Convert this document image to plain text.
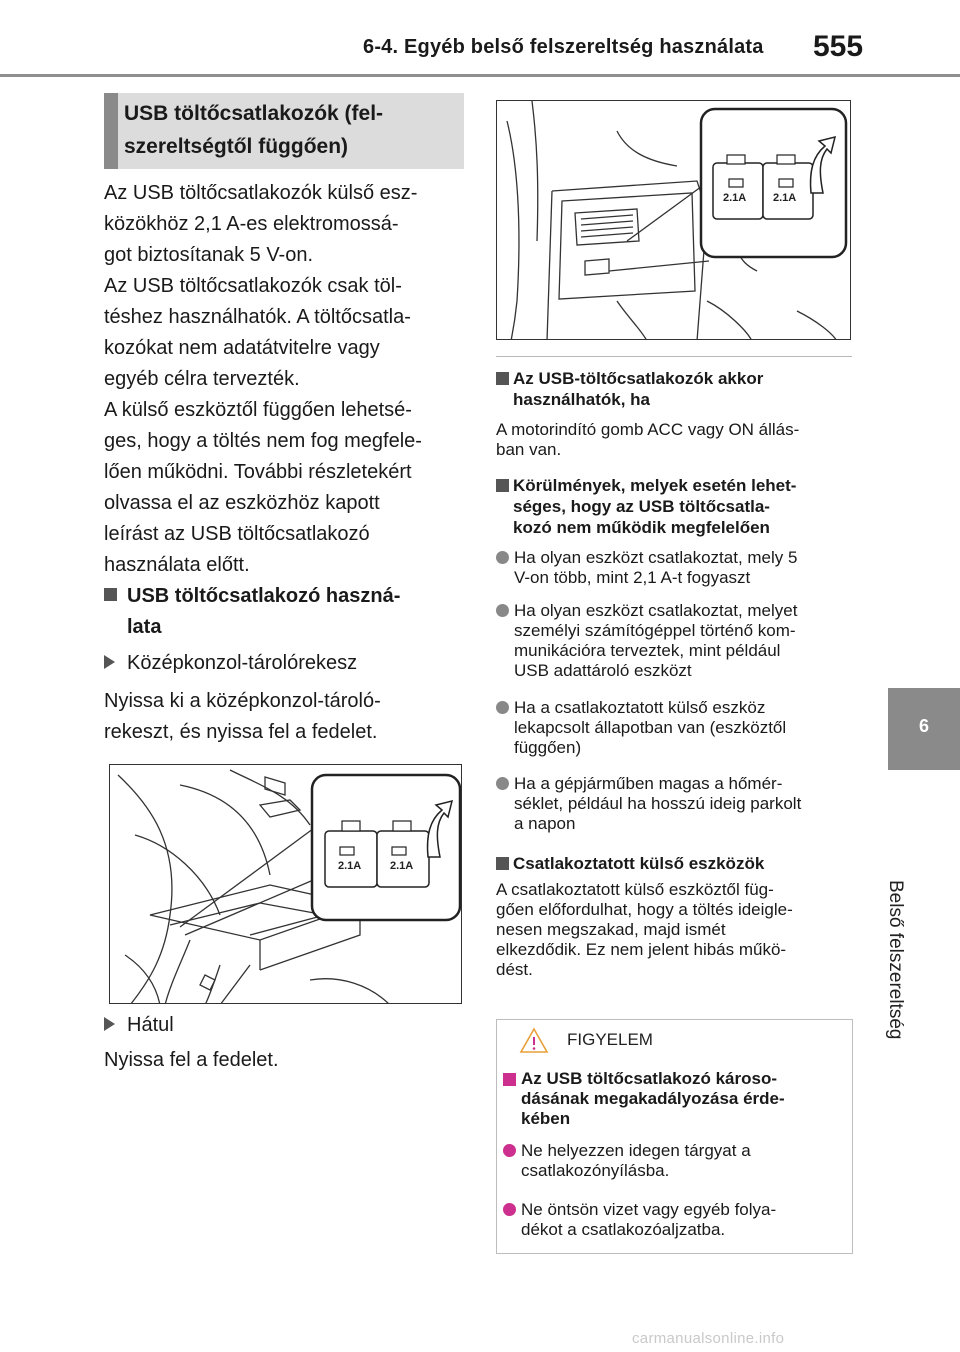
6-4. Egyéb belső felszereltség használata 555
6
Belső felszereltség
USB töltőcsatlakozók (fel-
szereltségtől függően)
Az USB töltőcsatlakozók külső esz-
közökhöz 2,1 A-es elektromossá-
got biztosítanak 5 V-on.
Az USB töltőcsatlakozók csak töl-
téshez használhatók. A töltőcsatla-
kozókat nem adatátvitelre vagy
egyéb célra tervezték.
A külső eszköztől függően lehetsé-
ges, hogy a töltés nem fog megfele-
lően működni. További részletekért
olvassa el az eszközhöz kapott
leírást az USB töltőcsatlakozó
használata előtt.
USB töltőcsatlakozó haszná-
lata
Középkonzol-tárolórekesz
Nyissa ki a középkonzol-tároló-
rekeszt, és nyissa fel a fedelet.
2.1A	2.1A
Hátul
Nyissa fel a fedelet.
2.1A 2.1A
Az USB-töltőcsatlakozók akkor
használhatók, ha
A motorindító gomb ACC vagy ON állás-
ban van.
Körülmények, melyek esetén lehet-
séges, hogy az USB töltőcsatla-
kozó nem működik megfelelően
Ha olyan eszközt csatlakoztat, mely 5
V-on több, mint 2,1 A-t fogyaszt
Ha olyan eszközt csatlakoztat, melyet
személyi számítógéppel történő kom-
munikációra terveztek, mint például
USB adattároló eszközt
Ha a csatlakoztatott külső eszköz
lekapcsolt állapotban van (eszköztől
függően)
Ha a gépjárműben magas a hőmér-
séklet, például ha hosszú ideig parkolt
a napon
Csatlakoztatott külső eszközök
A csatlakoztatott külső eszköztől füg-
gően előfordulhat, hogy a töltés ideigle-
nesen megszakad, majd ismét
elkezdődik. Ez nem jelent hibás műkö-
dést.
FIGYELEM
Az USB töltőcsatlakozó károso-
dásának megakadályozása érde-
kében
Ne helyezzen idegen tárgyat a
csatlakozónyílásba.
Ne öntsön vizet vagy egyéb folya-
dékot a csatlakozóaljzatba.
carmanualsonline.info
